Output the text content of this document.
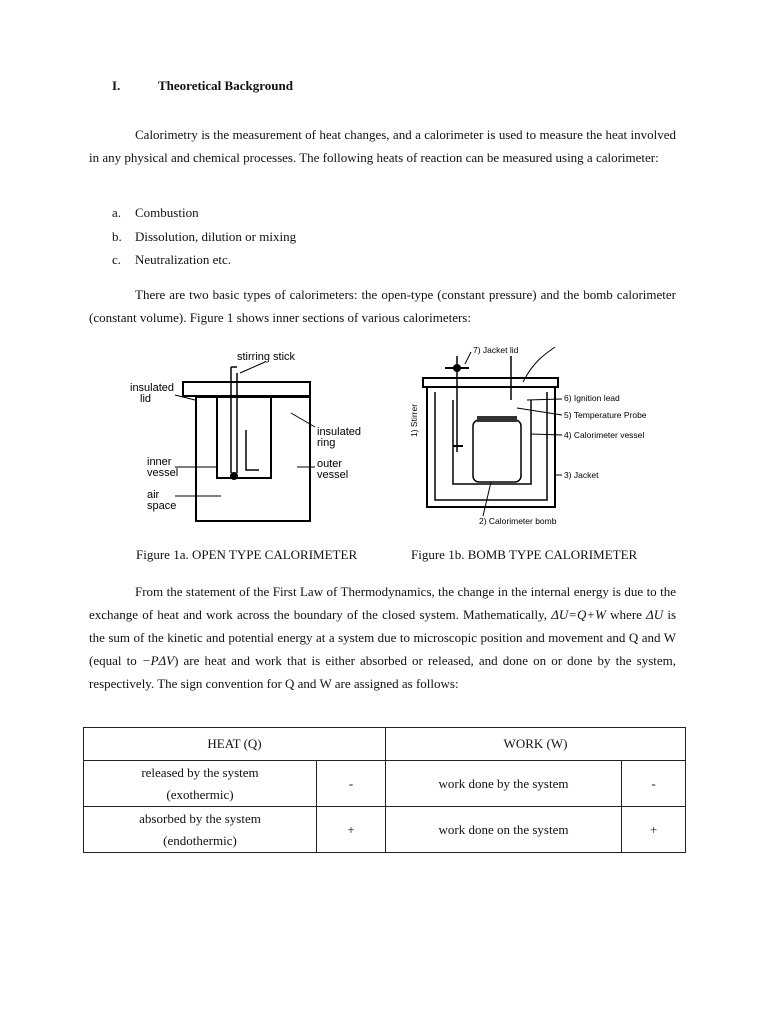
I.	Theoretical Background
Calorimetry is the measurement of heat changes, and a calorimeter is used to measure the heat involved in any physical and chemical processes. The following heats of reaction can be measured using a calorimeter:
a. Combustion
b. Dissolution, dilution or mixing
c. Neutralization etc.
There are two basic types of calorimeters: the open-type (constant pressure) and the bomb calorimeter (constant volume). Figure 1 shows inner sections of various calorimeters:
stirring stick
insulated
lid
insulated
ring
inner
vessel
outer
vessel
air
space
7) Jacket lid
6) Ignition lead
5) Temperature Probe
4) Calorimeter vessel
3) Jacket
2) Calorimeter bomb
1) Stirrer
Figure 1a. OPEN TYPE CALORIMETER	Figure 1b. BOMB TYPE CALORIMETER
From the statement of the First Law of Thermodynamics, the change in the internal energy is due to the exchange of heat and work across the boundary of the closed system. Mathematically, ΔU=Q+W where ΔU is the sum of the kinetic and potential energy at a system due to microscopic position and movement and Q and W (equal to −PΔV) are heat and work that is either absorbed or released, and done on or done by the system, respectively. The sign convention for Q and W are assigned as follows:
HEAT (Q)		WORK (W)	

released by the system
(exothermic)	-	work done by the system	-

absorbed by the system
(endothermic)	+	work done on the system	+
